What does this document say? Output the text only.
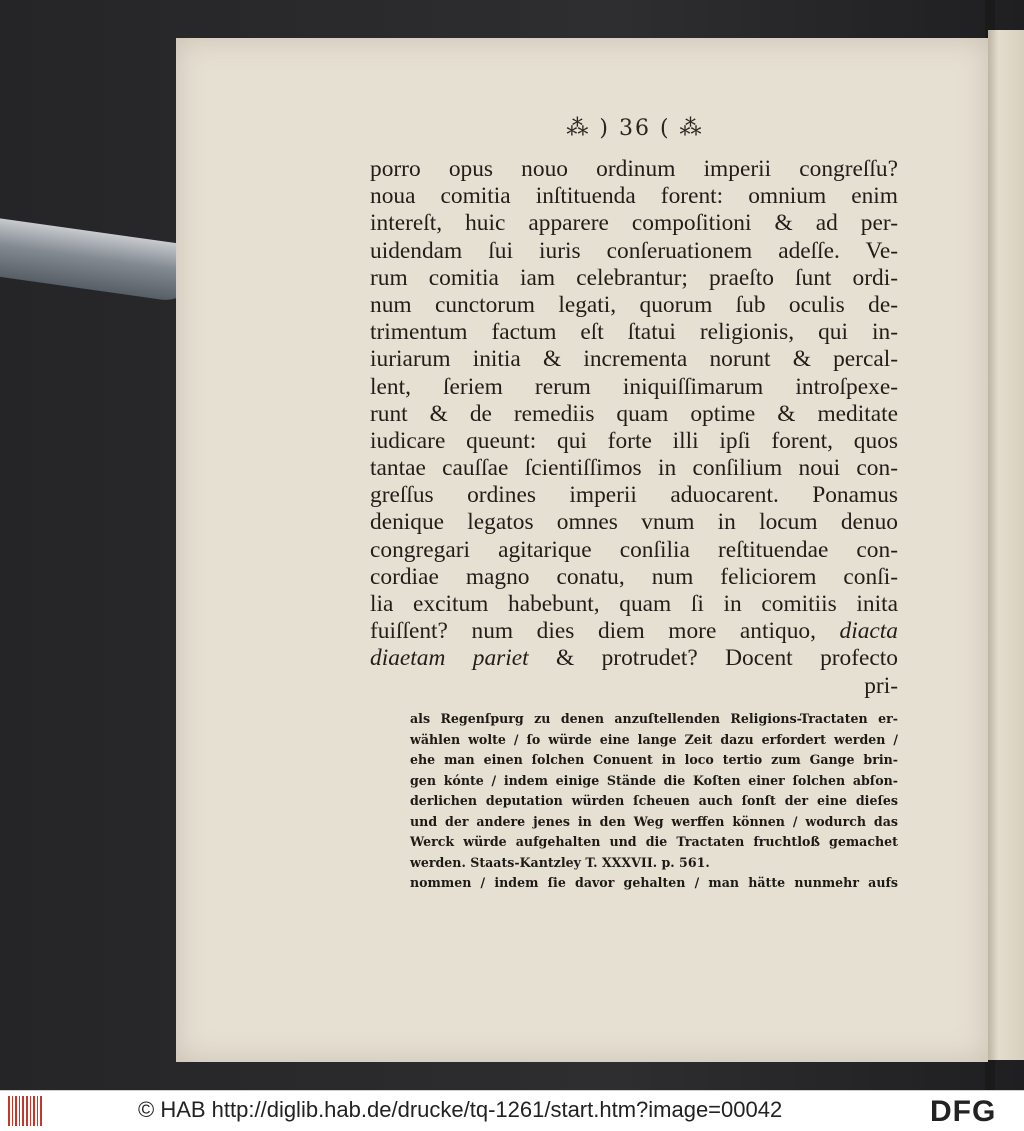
⁂ ) 36 ( ⁂
porro opus nouo ordinum imperii congreſſu?
noua comitia inſtituenda forent: omnium enim
intereſt, huic apparere compoſitioni & ad per-
uidendam ſui iuris conſeruationem adeſſe. Ve-
rum comitia iam celebrantur; praeſto ſunt ordi-
num cunctorum legati, quorum ſub oculis de-
trimentum factum eſt ſtatui religionis, qui in-
iuriarum initia & incrementa norunt & percal-
lent, ſeriem rerum iniquiſſimarum introſpexe-
runt & de remediis quam optime & meditate
iudicare queunt: qui forte illi ipſi forent, quos
tantae cauſſae ſcientiſſimos in conſilium noui con-
greſſus ordines imperii aduocarent. Ponamus
denique legatos omnes vnum in locum denuo
congregari agitarique conſilia reſtituendae con-
cordiae magno conatu, num feliciorem conſi-
lia excitum habebunt, quam ſi in comitiis inita
fuiſſent? num dies diem more antiquo, diacta
diaetam pariet & protrudet? Docent profecto
pri-
als Regenſpurg zu denen anzuſtellenden Religions-Tractaten er-
wählen wolte / ſo würde eine lange Zeit dazu erfordert werden /
ehe man einen ſolchen Conuent in loco tertio zum Gange brin-
gen kónte / indem einige Stände die Koſten einer ſolchen abſon-
derlichen deputation würden ſcheuen auch ſonſt der eine dieſes
und der andere jenes in den Weg werffen können / wodurch das
Werck würde aufgehalten und die Tractaten fruchtloß gemachet
werden. Staats-Kantzley T. XXXVII. p. 561.
nommen / indem ſie davor gehalten / man hätte nunmehr aufs
© HAB http://diglib.hab.de/drucke/tq-1261/start.htm?image=00042	DFG
